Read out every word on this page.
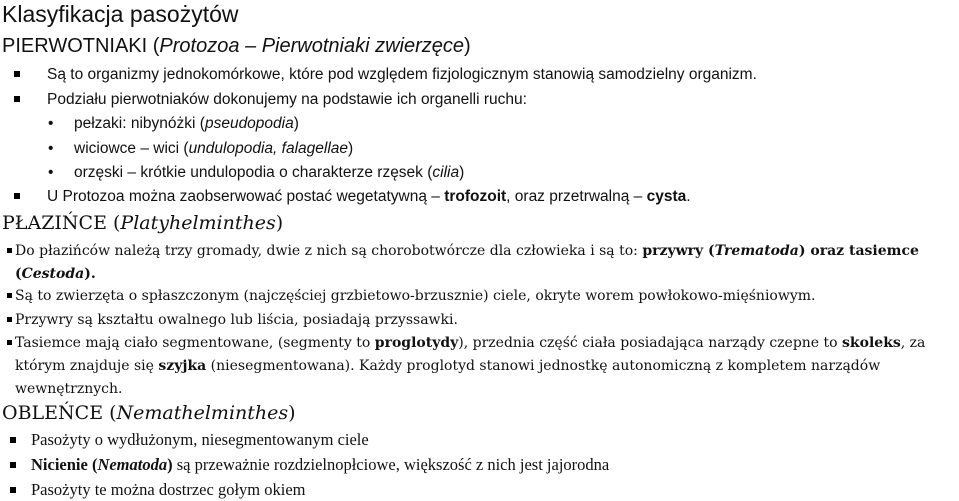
Klasyfikacja pasożytów
PIERWOTNIAKI (Protozoa – Pierwotniaki zwierzęce)
Są to organizmy jednokomórkowe, które pod względem fizjologicznym stanowią samodzielny organizm.
Podziału pierwotniaków dokonujemy na podstawie ich organelli ruchu:
• pełzaki: nibynóżki (pseudopodia)
• wiciowce – wici (undulopodia, falagellae)
• orzęski – krótkie undulopodia o charakterze rzęsek (cilia)
U Protozoa można zaobserwować postać wegetatywną – trofozoit, oraz przetrwalną – cysta.
PŁAZIŃCE (Platyhelminthes)
Do płazińców należą trzy gromady, dwie z nich są chorobotwórcze dla człowieka i są to: przywry (Trematoda) oraz tasiemce (Cestoda).
Są to zwierzęta o spłaszczonym (najczęściej grzbietowo-brzusznie) ciele, okryte worem powłokowo-mięśniowym.
Przywry są kształtu owalnego lub liścia, posiadają przyssawki.
Tasiemce mają ciało segmentowane, (segmenty to proglotydy), przednia część ciała posiadająca narządy czepne to skoleks, za którym znajduje się szyjka (niesegmentowana). Każdy proglotyd stanowi jednostkę autonomiczną z kompletem narządów wewnętrznych.
OBLEŃCE (Nemathelminthes)
Pasożyty o wydłużonym, niesegmentowanym ciele
Nicienie (Nematoda) są przeważnie rozdzielnopłciowe, większość z nich jest jajorodna
Pasożyty te można dostrzec gołym okiem
